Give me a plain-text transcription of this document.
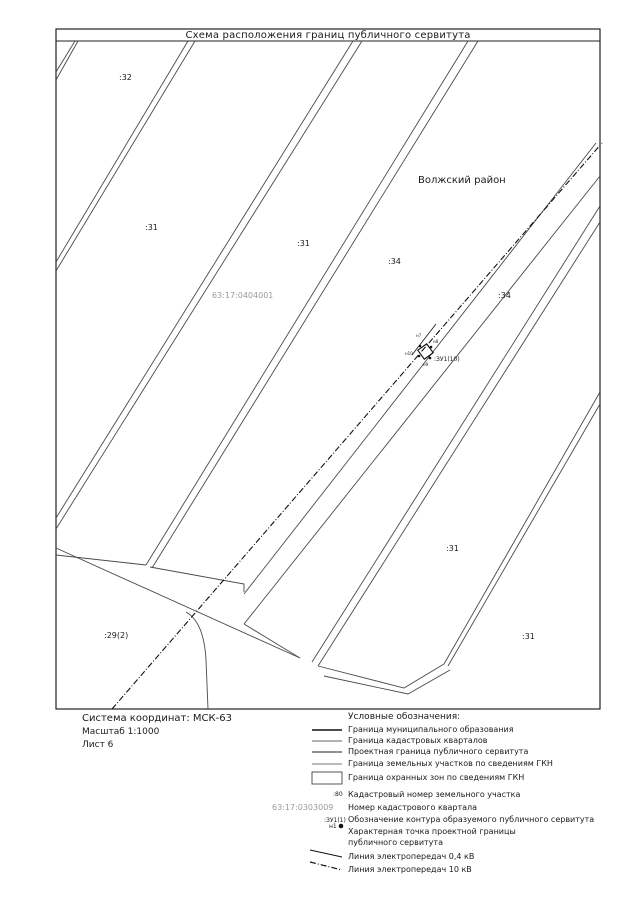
Схема расположения границ публичного сервитута
Волжский район
63:17:0404001
:32
:31
:31
:34
:34
:31
:29(2)	:31
:ЗУ1(10)
н7
н8
н9
н10
Система координат: МСК-63
Масштаб 1:1000
Лист 6
Условные обозначения:
Граница муниципального образования
Граница кадастровых кварталов
Проектная граница публичного сервитута
Граница земельных участков по сведениям ГКН
Граница охранных зон по сведениям ГКН
:80 Кадастровый номер земельного участка
63:17:0303009 Номер кадастрового квартала
:ЗУ1(1) Обозначение контура образуемого публичного сервитута
н1
Характерная точка проектной границы
публичного сервитута
Линия электропередач 0,4 кВ
Линия электропередач 10 кВ
